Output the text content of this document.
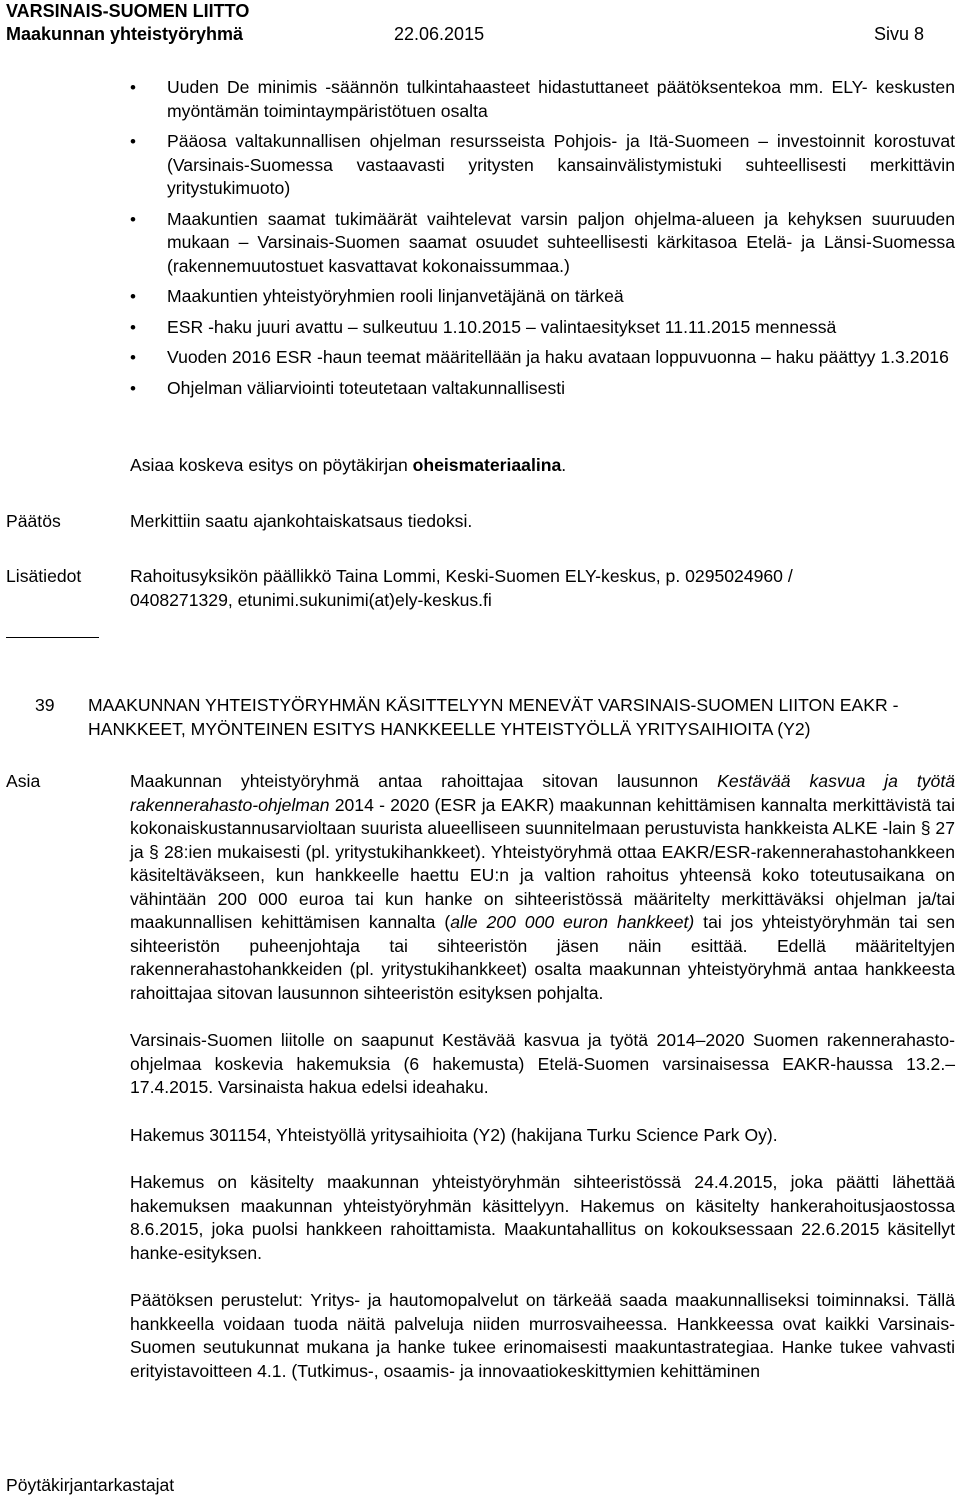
VARSINAIS-SUOMEN LIITTO
Maakunnan yhteistyöryhmä	22.06.2015	Sivu 8
• Uuden De minimis -säännön tulkintahaasteet hidastuttaneet päätöksentekoa mm. ELY- keskusten myöntämän toimintaympäristötuen osalta
• Pääosa valtakunnallisen ohjelman resursseista Pohjois- ja Itä-Suomeen – investoinnit korostuvat (Varsinais-Suomessa vastaavasti yritysten kansainvälistymistuki suhteellisesti merkittävin yritystukimuoto)
• Maakuntien saamat tukimäärät vaihtelevat varsin paljon ohjelma-alueen ja kehyksen suuruuden mukaan – Varsinais-Suomen saamat osuudet suhteellisesti kärkitasoa Etelä- ja Länsi-Suomessa (rakennemuutostuet kasvattavat kokonaissummaa.)
• Maakuntien yhteistyöryhmien rooli linjanvetäjänä on tärkeä
• ESR -haku juuri avattu – sulkeutuu 1.10.2015 – valintaesitykset 11.11.2015 mennessä
• Vuoden 2016 ESR -haun teemat määritellään ja haku avataan loppuvuonna – haku päättyy 1.3.2016
• Ohjelman väliarviointi toteutetaan valtakunnallisesti
Asiaa koskeva esitys on pöytäkirjan oheismateriaalina.
Päätös	Merkittiin saatu ajankohtaiskatsaus tiedoksi.
Lisätiedot	Rahoitusyksikön päällikkö Taina Lommi, Keski-Suomen ELY-keskus, p. 0295024960 /
0408271329, etunimi.sukunimi(at)ely-keskus.fi
39 MAAKUNNAN YHTEISTYÖRYHMÄN KÄSITTELYYN MENEVÄT VARSINAIS-SUOMEN LIITON EAKR -HANKKEET, MYÖNTEINEN ESITYS HANKKEELLE YHTEISTYÖLLÄ YRITYSAIHIOITA (Y2)
Asia	Maakunnan yhteistyöryhmä antaa rahoittajaa sitovan lausunnon Kestävää kasvua ja työtä rakennerahasto-ohjelman 2014 - 2020 (ESR ja EAKR) maakunnan kehittämisen kannalta merkittävistä tai kokonaiskustannusarvioltaan suurista alueelliseen suunnitelmaan perustuvista hankkeista ALKE -lain § 27 ja § 28:ien mukaisesti (pl. yritystukihankkeet). Yhteistyöryhmä ottaa EAKR/ESR-rakennerahastohankkeen käsiteltäväkseen, kun hankkeelle haettu EU:n ja valtion rahoitus yhteensä koko toteutusaikana on vähintään 200 000 euroa tai kun hanke on sihteeristössä määritelty merkittäväksi ohjelman ja/tai maakunnallisen kehittämisen kannalta (alle 200 000 euron hankkeet) tai jos yhteistyöryhmän tai sen sihteeristön puheenjohtaja tai sihteeristön jäsen näin esittää. Edellä määriteltyjen rakennerahastohankkeiden (pl. yritystukihankkeet) osalta maakunnan yhteistyöryhmä antaa hankkeesta rahoittajaa sitovan lausunnon sihteeristön esityksen pohjalta.

Varsinais-Suomen liitolle on saapunut Kestävää kasvua ja työtä 2014–2020 Suomen rakennerahasto-ohjelmaa koskevia hakemuksia (6 hakemusta) Etelä-Suomen varsinaisessa EAKR-haussa 13.2.– 17.4.2015. Varsinaista hakua edelsi ideahaku.

Hakemus 301154, Yhteistyöllä yritysaihioita (Y2) (hakijana Turku Science Park Oy).

Hakemus on käsitelty maakunnan yhteistyöryhmän sihteeristössä 24.4.2015, joka päätti lähettää hakemuksen maakunnan yhteistyöryhmän käsittelyyn. Hakemus on käsitelty hankerahoitusjaostossa 8.6.2015, joka puolsi hankkeen rahoittamista. Maakuntahallitus on kokouksessaan 22.6.2015 käsitellyt hanke-esityksen.

Päätöksen perustelut: Yritys- ja hautomopalvelut on tärkeää saada maakunnalliseksi toiminnaksi. Tällä hankkeella voidaan tuoda näitä palveluja niiden murrosvaiheessa. Hankkeessa ovat kaikki Varsinais-Suomen seutukunnat mukana ja hanke tukee erinomaisesti maakuntastrategiaa. Hanke tukee vahvasti erityistavoitteen 4.1. (Tutkimus-, osaamis- ja innovaatiokeskittymien kehittäminen

Pöytäkirjantarkastajat
